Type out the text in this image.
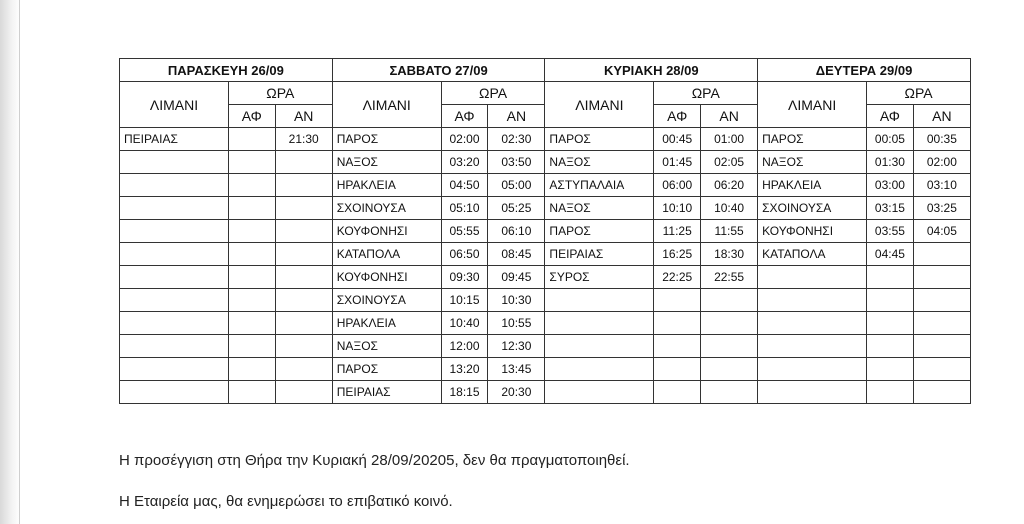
ΠΑΡΑΣΚΕΥΗ 26/09			ΣΑΒΒΑΤΟ 27/09			ΚΥΡΙΑΚΗ 28/09			ΔΕΥΤΕΡΑ 29/09		
ΛΙΜΑΝΙ	ΩΡΑ		ΛΙΜΑΝΙ	ΩΡΑ		ΛΙΜΑΝΙ	ΩΡΑ		ΛΙΜΑΝΙ	ΩΡΑ	
	ΑΦ	ΑΝ		ΑΦ	ΑΝ		ΑΦ	ΑΝ		ΑΦ	ΑΝ
ΠΕΙΡΑΙΑΣ		21:30	ΠΑΡΟΣ	02:00	02:30	ΠΑΡΟΣ	00:45	01:00	ΠΑΡΟΣ	00:05	00:35
			ΝΑΞΟΣ	03:20	03:50	ΝΑΞΟΣ	01:45	02:05	ΝΑΞΟΣ	01:30	02:00
			ΗΡΑΚΛΕΙΑ	04:50	05:00	ΑΣΤΥΠΑΛΑΙΑ	06:00	06:20	ΗΡΑΚΛΕΙΑ	03:00	03:10
			ΣΧΟΙΝΟΥΣΑ	05:10	05:25	ΝΑΞΟΣ	10:10	10:40	ΣΧΟΙΝΟΥΣΑ	03:15	03:25
			ΚΟΥΦΟΝΗΣΙ	05:55	06:10	ΠΑΡΟΣ	11:25	11:55	ΚΟΥΦΟΝΗΣΙ	03:55	04:05
			ΚΑΤΑΠΟΛΑ	06:50	08:45	ΠΕΙΡΑΙΑΣ	16:25	18:30	ΚΑΤΑΠΟΛΑ	04:45	
			ΚΟΥΦΟΝΗΣΙ	09:30	09:45	ΣΥΡΟΣ	22:25	22:55			
			ΣΧΟΙΝΟΥΣΑ	10:15	10:30						
			ΗΡΑΚΛΕΙΑ	10:40	10:55						
			ΝΑΞΟΣ	12:00	12:30						
			ΠΑΡΟΣ	13:20	13:45						
			ΠΕΙΡΑΙΑΣ	18:15	20:30						
Η προσέγγιση στη Θήρα την Κυριακή 28/09/20205, δεν θα πραγματοποιηθεί.
Η Εταιρεία μας, θα ενημερώσει το επιβατικό κοινό.
